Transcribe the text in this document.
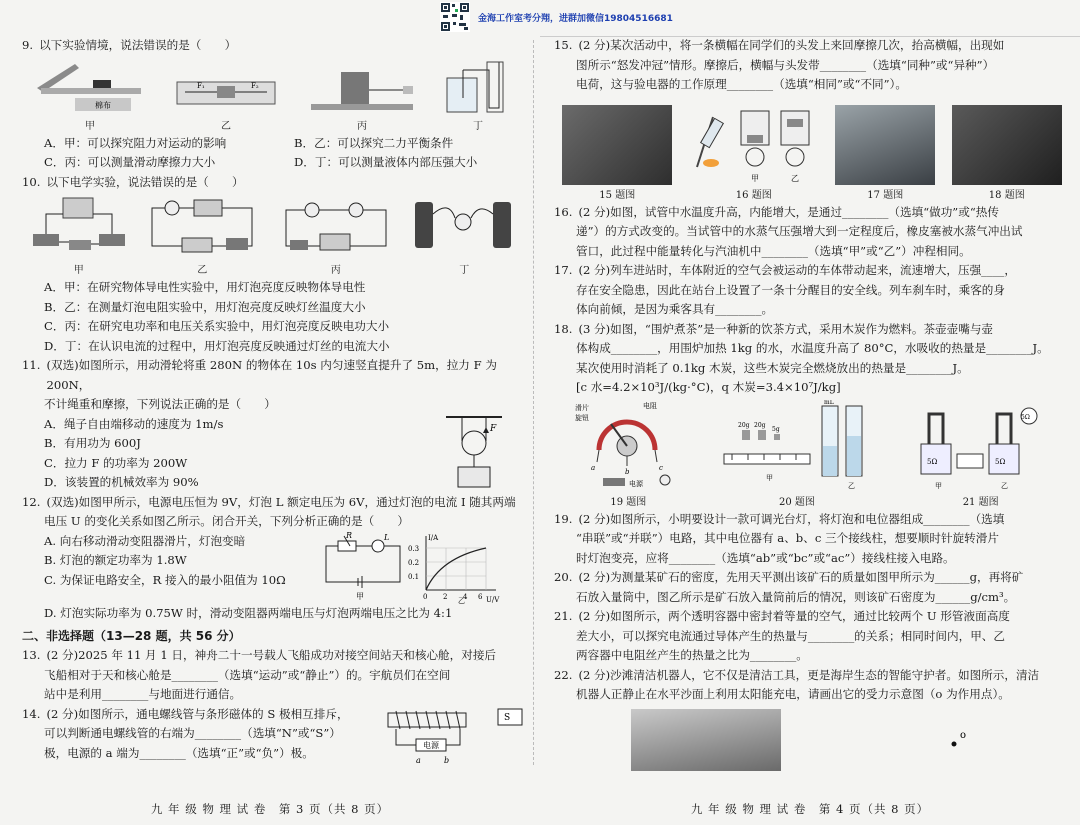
金海工作室考分翔，进群加微信19804516681
9. 以下实验情境，说法错误的是（　　）
棉布
甲
F₁	F₂
乙	丙	丁
A．甲：可以探究阻力对运动的影响	B．乙：可以探究二力平衡条件
C．丙：可以测量滑动摩擦力大小	D．丁：可以测量液体内部压强大小
10. 以下电学实验，说法错误的是（　　）
甲	乙	丙	丁
A．甲：在研究物体导电性实验中，用灯泡亮度反映物体导电性
B．乙：在测量灯泡电阻实验中，用灯泡亮度反映灯丝温度大小
C．丙：在研究电功率和电压关系实验中，用灯泡亮度反映电功大小
D．丁：在认识电流的过程中，用灯泡亮度反映通过灯丝的电流大小
11. (双选)如图所示，用动滑轮将重 280N 的物体在 10s 内匀速竖直提升了 5m，拉力 F 为 200N，
不计绳重和摩擦，下列说法正确的是（　　）
A．绳子自由端移动的速度为 1m/s
B．有用功为 600J
C．拉力 F 的功率为 200W
D．该装置的机械效率为 90%
F
12. (双选)如图甲所示，电源电压恒为 9V，灯泡 L 额定电压为 6V，通过灯泡的电流 I 随其两端
电压 U 的变化关系如图乙所示。闭合开关，下列分析正确的是（　　）
A. 向右移动滑动变阻器滑片，灯泡变暗
B. 灯泡的额定功率为 1.8W
C. 为保证电路安全，R 接入的最小阻值为 10Ω
R	L
甲
I/A
U/V
0.3
0.2
0.1
0 2 4 6
乙
D. 灯泡实际功率为 0.75W 时，滑动变阻器两端电压与灯泡两端电压之比为 4:1
二、非选择题（13—28 题，共 56 分）
13. (2 分)2025 年 11 月 1 日，神舟二十一号载人飞船成功对接空间站天和核心舱，对接后
飞船相对于天和核心舱是________（选填“运动”或“静止”）的。宇航员们在空间
站中是利用________与地面进行通信。
14. (2 分)如图所示，通电螺线管与条形磁体的 S 极相互排斥，
可以判断通电螺线管的右端为________（选填“N”或“S”）
极，电源的 a 端为________（选填“正”或“负”）极。
电源
a	b
S
九 年 级 物 理 试 卷　第 3 页（共 8 页）
15. (2 分)某次活动中，将一条横幅在同学们的头发上来回摩擦几次，抬高横幅，出现如
图所示“怒发冲冠”情形。摩擦后，横幅与头发带________（选填“同种”或“异种”）
电荷，这与验电器的工作原理________（选填“相同”或“不同”）。
15 题图
甲	乙
16 题图	17 题图	18 题图
16. (2 分)如图，试管中水温度升高，内能增大，是通过________（选填“做功”或“热传
递”）的方式改变的。当试管中的水蒸气压强增大到一定程度后，橡皮塞被水蒸气冲出试
管口，此过程中能量转化与汽油机中________（选填“甲”或“乙”）冲程相同。
17. (2 分)列车进站时，车体附近的空气会被运动的车体带动起来，流速增大，压强____，
存在安全隐患，因此在站台上设置了一条十分醒目的安全线。列车刹车时，乘客的身
体向前倾，是因为乘客具有________。
18. (3 分)如图，“围炉煮茶”是一种新的饮茶方式，采用木炭作为燃料。茶壶壶嘴与壶
体构成________，用围炉加热 1kg 的水，水温度升高了 80°C，水吸收的热量是________J。
某次使用时消耗了 0.1kg 木炭，这些木炭完全燃烧放出的热量是________J。
[c 水=4.2×10³J/(kg·°C)，q 木炭=3.4×10⁷J/kg]
滑片
旋钮
电阻
a	b	c
电源
19 题图
20g 20g
5g
甲
mL
乙
20 题图
5Ω	5Ω
5Ω
甲	乙
21 题图
19. (2 分)如图所示，小明要设计一款可调光台灯，将灯泡和电位器组成________（选填
“串联”或“并联”）电路，其中电位器有 a、b、c 三个接线柱，想要顺时针旋转滑片
时灯泡变亮，应将________（选填“ab”或“bc”或“ac”）接线柱接入电路。
20. (2 分)为测量某矿石的密度，先用天平测出该矿石的质量如图甲所示为______g，再将矿
石放入量筒中，图乙所示是矿石放入量筒前后的情况，则该矿石密度为______g/cm³。
21. (2 分)如图所示，两个透明容器中密封着等量的空气，通过比较两个 U 形管液面高度
差大小，可以探究电流通过导体产生的热量与________的关系；相同时间内，甲、乙
两容器中电阻丝产生的热量之比为________。
22. (2 分)沙滩清洁机器人，它不仅是清洁工具，更是海岸生态的智能守护者。如图所示，清洁
机器人正静止在水平沙面上利用太阳能充电，请画出它的受力示意图（o 为作用点）。
o
九 年 级 物 理 试 卷　第 4 页（共 8 页）
